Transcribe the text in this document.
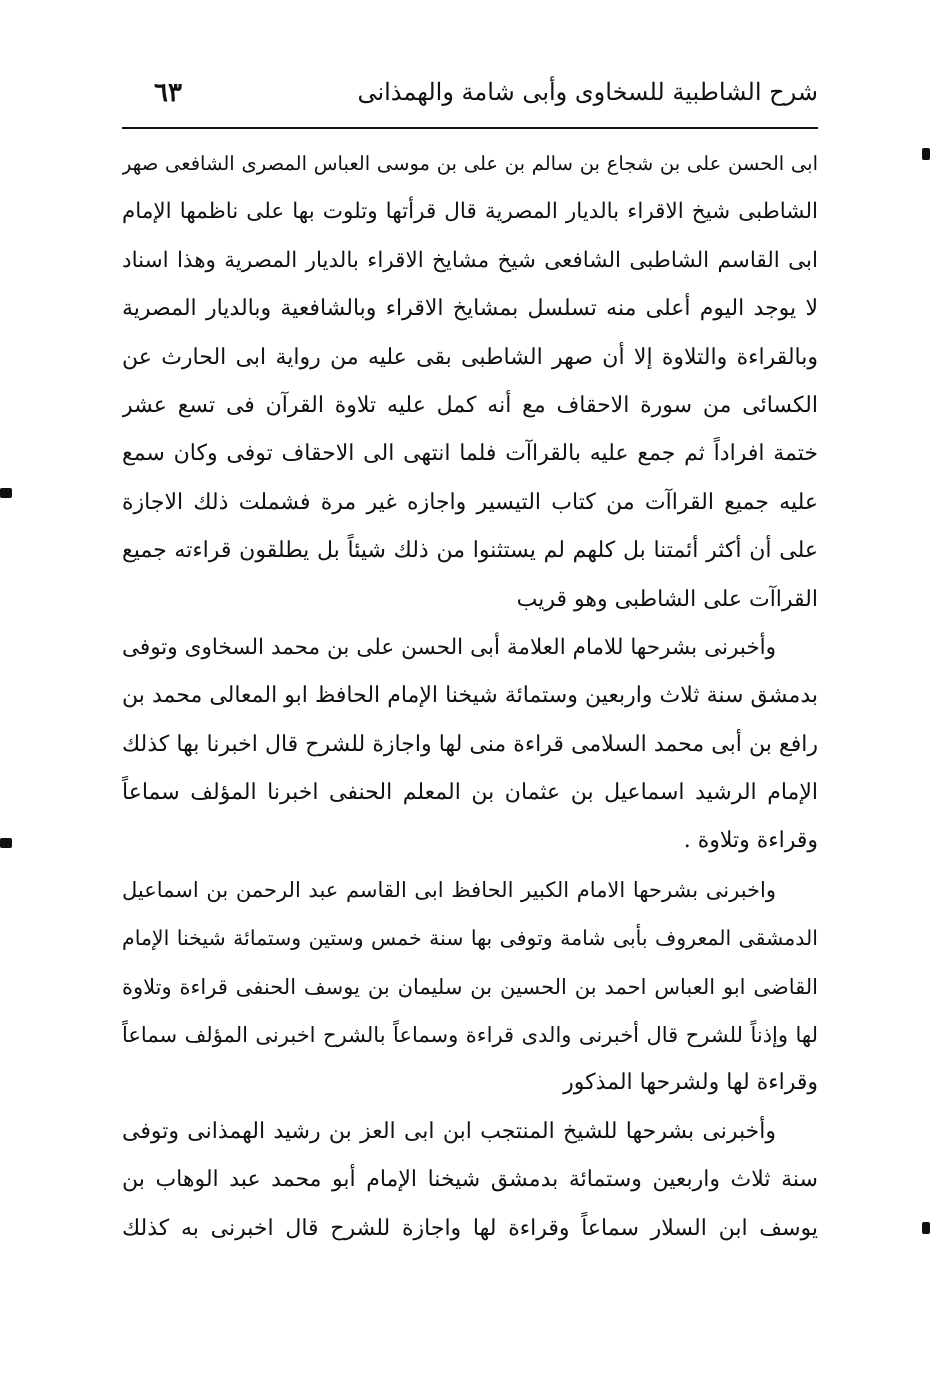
شرح الشاطبية للسخاوى وأبى شامة والهمذانى
٦٣
ابى الحسن على بن شجاع بن سالم بن على بن موسى العباس المصرى الشافعى صهر
الشاطبى شيخ الاقراء بالديار المصرية قال قرأتها وتلوت بها على ناظمها الإمام
ابى القاسم الشاطبى الشافعى شيخ مشايخ الاقراء بالديار المصرية وهذا اسناد
لا يوجد اليوم أعلى منه تسلسل بمشايخ الاقراء وبالشافعية وبالديار المصرية
وبالقراءة والتلاوة إلا أن صهر الشاطبى بقى عليه من رواية ابى الحارث عن
الكسائى من سورة الاحقاف مع أنه كمل عليه تلاوة القرآن فى تسع عشر
ختمة افراداً ثم جمع عليه بالقراآت فلما انتهى الى الاحقاف توفى وكان سمع
عليه جميع القراآت من كتاب التيسير واجازه غير مرة فشملت ذلك الاجازة
على أن أكثر أئمتنا بل كلهم لم يستثنوا من ذلك شيئاً بل يطلقون قراءته جميع
القراآت على الشاطبى وهو قريب
وأخبرنى بشرحها للامام العلامة أبى الحسن على بن محمد السخاوى وتوفى
بدمشق سنة ثلاث واربعين وستمائة شيخنا الإمام الحافظ ابو المعالى محمد بن
رافع بن أبى محمد السلامى قراءة منى لها واجازة للشرح قال اخبرنا بها كذلك
الإمام الرشيد اسماعيل بن عثمان بن المعلم الحنفى اخبرنا المؤلف سماعاً
وقراءة وتلاوة .
واخبرنى بشرحها الامام الكبير الحافظ ابى القاسم عبد الرحمن بن اسماعيل
الدمشقى المعروف بأبى شامة وتوفى بها سنة خمس وستين وستمائة شيخنا الإمام
القاضى ابو العباس احمد بن الحسين بن سليمان بن يوسف الحنفى قراءة وتلاوة
لها وإذناً للشرح قال أخبرنى والدى قراءة وسماعاً بالشرح اخبرنى المؤلف سماعاً
وقراءة لها ولشرحها المذكور
وأخبرنى بشرحها للشيخ المنتجب ابن ابى العز بن رشيد الهمذانى وتوفى
سنة ثلاث واربعين وستمائة بدمشق شيخنا الإمام أبو محمد عبد الوهاب بن
يوسف ابن السلار سماعاً وقراءة لها واجازة للشرح قال اخبرنى به كذلك
